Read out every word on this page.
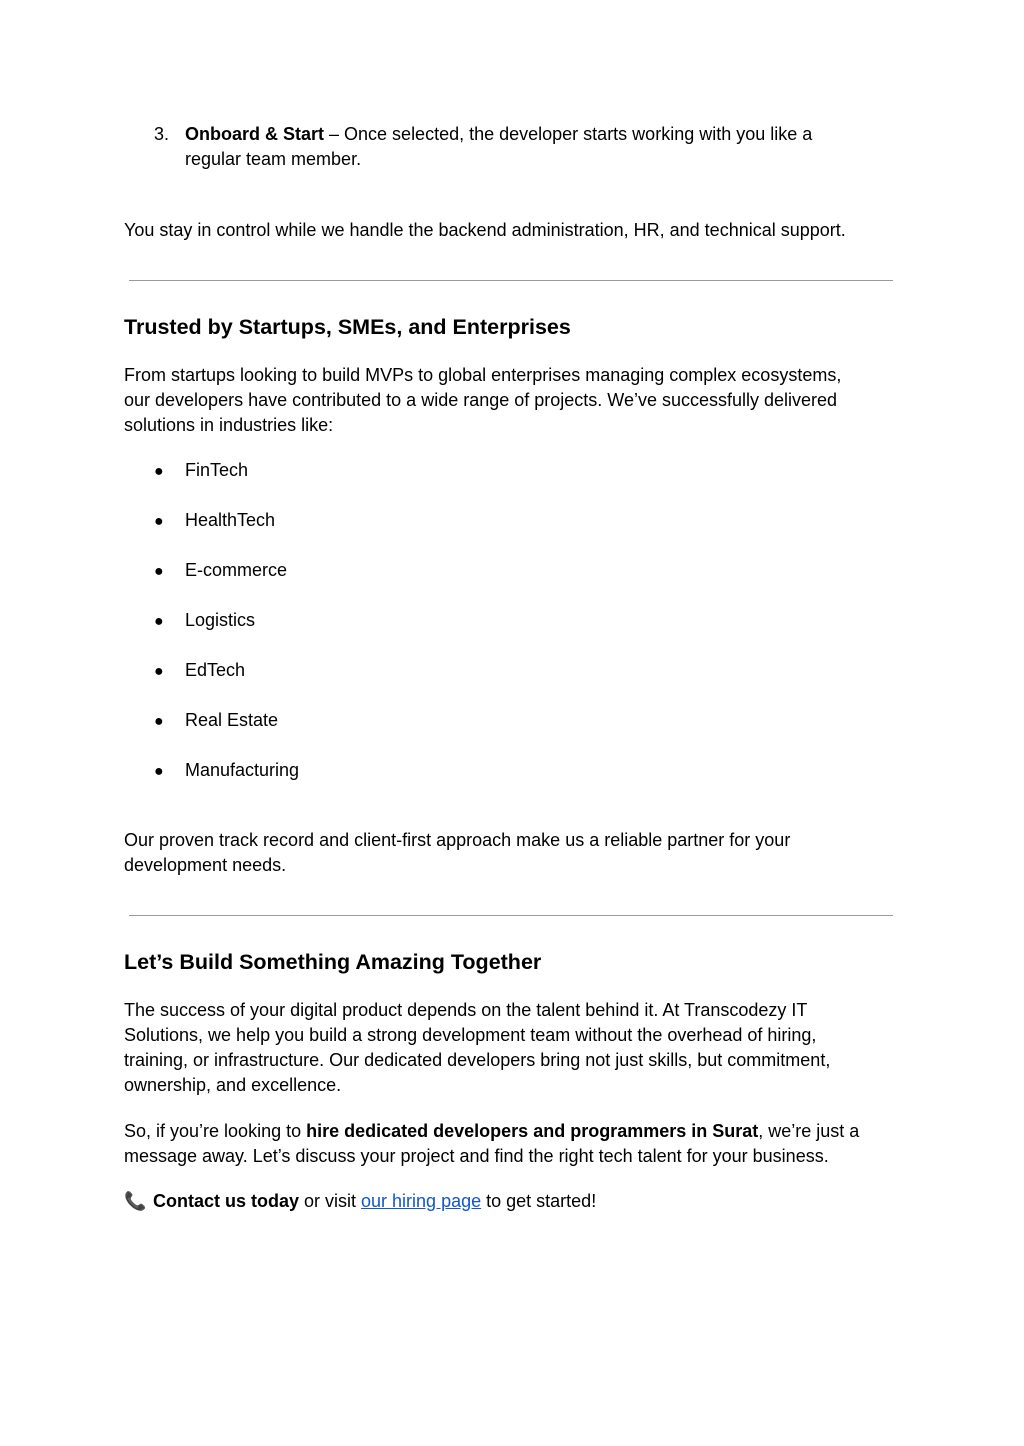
3. Onboard & Start – Once selected, the developer starts working with you like a

regular team member.

You stay in control while we handle the backend administration, HR, and technical support.

Trusted by Startups, SMEs, and Enterprises

From startups looking to build MVPs to global enterprises managing complex ecosystems,

our developers have contributed to a wide range of projects. We’ve successfully delivered

solutions in industries like:

● FinTech
● HealthTech
● E-commerce
● Logistics
● EdTech
● Real Estate
● Manufacturing

Our proven track record and client-first approach make us a reliable partner for your

development needs.

Let’s Build Something Amazing Together

The success of your digital product depends on the talent behind it. At Transcodezy IT

Solutions, we help you build a strong development team without the overhead of hiring,

training, or infrastructure. Our dedicated developers bring not just skills, but commitment,

ownership, and excellence.

So, if you’re looking to hire dedicated developers and programmers in Surat, we’re just a

message away. Let’s discuss your project and find the right tech talent for your business.

📞 Contact us today or visit our hiring page to get started!
